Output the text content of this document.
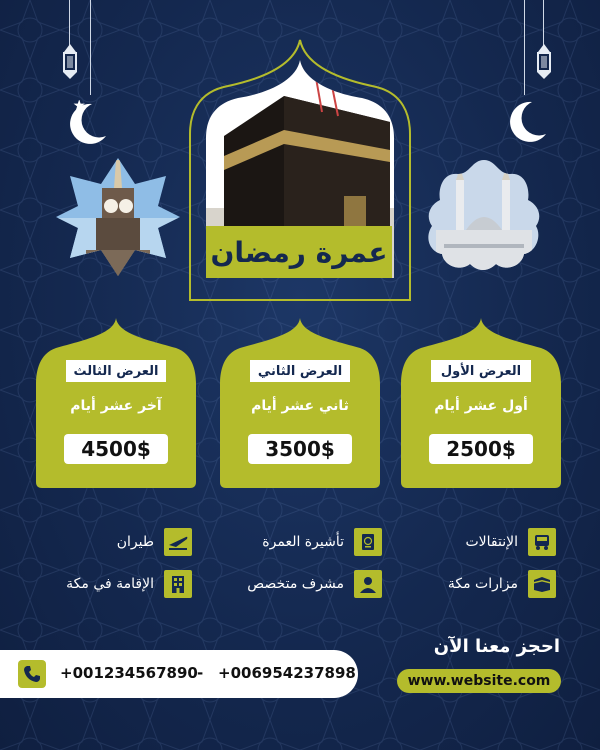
عمرة رمضان
العرض الأول
أول عشر أيام
2500$
العرض الثاني
ثاني عشر أيام
3500$
العرض الثالث
آخر عشر أيام
4500$
الإنتقالات
تأشيرة العمرة
طيران
مزارات مكة
مشرف متخصص
الإقامة في مكة
+001234567890 - +006954237898
احجز معنا الآن
www.website.com
